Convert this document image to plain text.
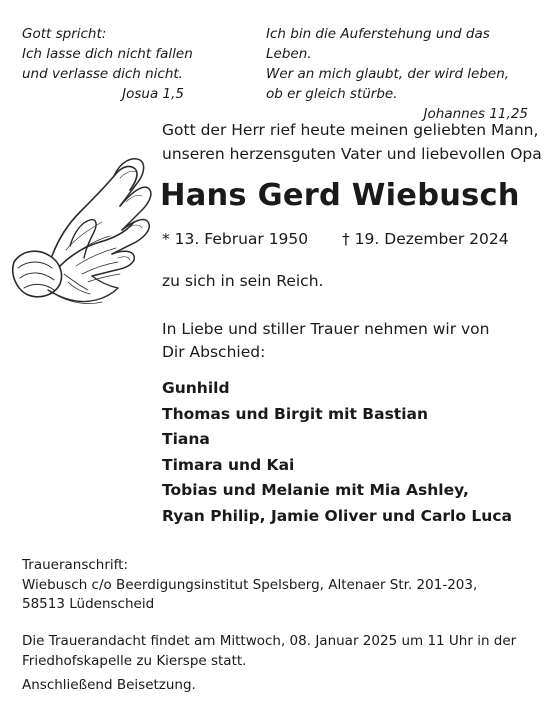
Gott spricht:
Ich lasse dich nicht fallen
und verlasse dich nicht.
Josua 1,5
Ich bin die Auferstehung und das Leben.
Wer an mich glaubt, der wird leben,
ob er gleich stürbe.
Johannes 11,25
Gott der Herr rief heute meinen geliebten Mann,
unseren herzensguten Vater und liebevollen Opa
Hans Gerd Wiebusch
* 13. Februar 1950 † 19. Dezember 2024
zu sich in sein Reich.
In Liebe und stiller Trauer nehmen wir von
Dir Abschied:
Gunhild
Thomas und Birgit mit Bastian
Tiana
Timara und Kai
Tobias und Melanie mit Mia Ashley,
Ryan Philip, Jamie Oliver und Carlo Luca
Traueranschrift:
Wiebusch c/o Beerdigungsinstitut Spelsberg, Altenaer Str. 201-203,
58513 Lüdenscheid
Die Trauerandacht findet am Mittwoch, 08. Januar 2025 um 11 Uhr in der
Friedhofskapelle zu Kierspe statt.
Anschließend Beisetzung.
